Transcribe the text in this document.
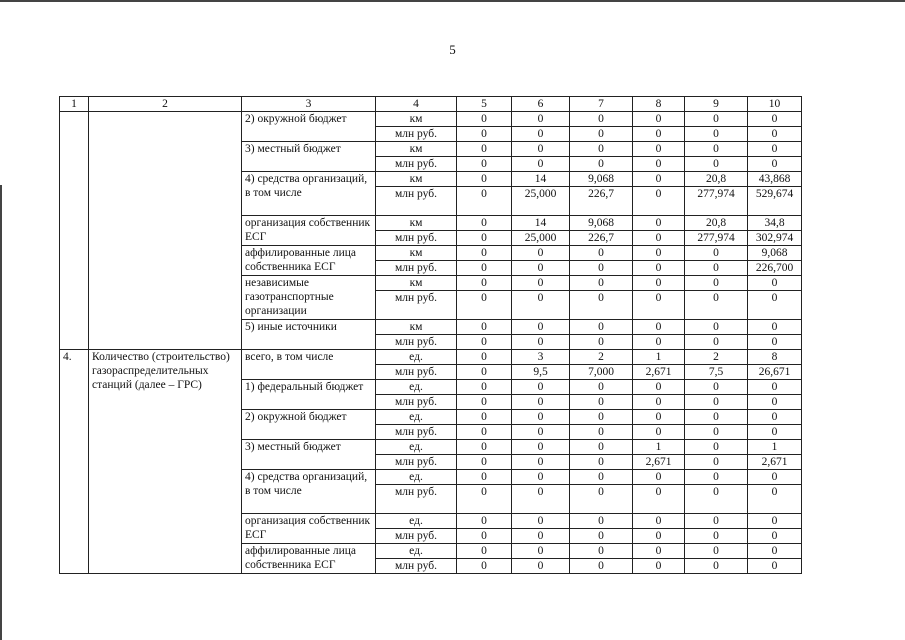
5
1	2	3	4	5	6	7	8	9	10
		2) окружной бюджет	км	0	0	0	0	0	0
			млн руб.	0	0	0	0	0	0
		3) местный бюджет	км	0	0	0	0	0	0
			млн руб.	0	0	0	0	0	0
		4) средства организаций, в том числе	км	0	14	9,068	0	20,8	43,868
			млн руб.	0	25,000	226,7	0	277,974	529,674
		организация собственник ЕСГ	км	0	14	9,068	0	20,8	34,8
			млн руб.	0	25,000	226,7	0	277,974	302,974
		аффилированные лица собственника ЕСГ	км	0	0	0	0	0	9,068
			млн руб.	0	0	0	0	0	226,700
		независимые газотранспортные организации	км	0	0	0	0	0	0
			млн руб.	0	0	0	0	0	0
		5) иные источники	км	0	0	0	0	0	0
			млн руб.	0	0	0	0	0	0
4.	Количество (строительство) газораспределительных станций (далее – ГРС)	всего, в том числе	ед.	0	3	2	1	2	8
			млн руб.	0	9,5	7,000	2,671	7,5	26,671
		1) федеральный бюджет	ед.	0	0	0	0	0	0
			млн руб.	0	0	0	0	0	0
		2) окружной бюджет	ед.	0	0	0	0	0	0
			млн руб.	0	0	0	0	0	0
		3) местный бюджет	ед.	0	0	0	1	0	1
			млн руб.	0	0	0	2,671	0	2,671
		4) средства организаций, в том числе	ед.	0	0	0	0	0	0
			млн руб.	0	0	0	0	0	0
		организация собственник ЕСГ	ед.	0	0	0	0	0	0
			млн руб.	0	0	0	0	0	0
		аффилированные лица собственника ЕСГ	ед.	0	0	0	0	0	0
			млн руб.	0	0	0	0	0	0
